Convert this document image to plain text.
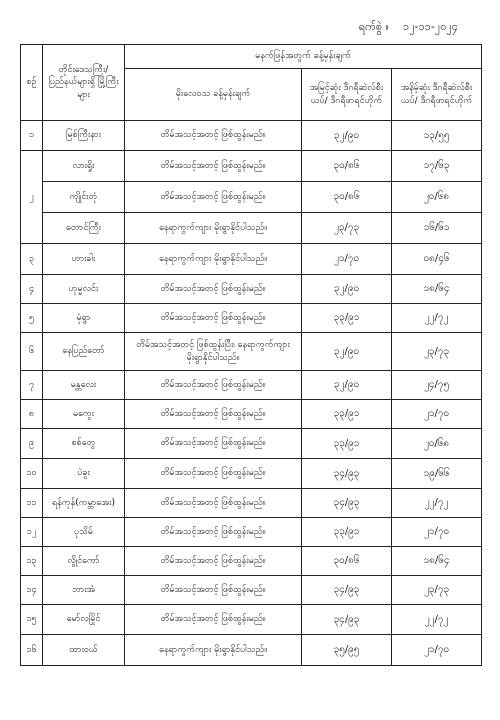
ရက်စွဲ ။ ၁၂-၁၁-၂၀၂၄
စဉ်	တိုင်းဒေသကြီး/ ပြည်နယ်များရှိ မြို့ကြီးများ	မနက်ဖြန်အတွက် ခန့်မှန်းချက်		
		မိုးလေဝသ ခန့်မှန်းချက်	အမြင့်ဆုံး ဒီဂရီဆဲလ်စီးယပ်/ ဒီဂရီဖာရင်ဟိုက်	အနိမ့်ဆုံး ဒီဂရီဆဲလ်စီးယပ်/ ဒီဂရီဖာရင်ဟိုက်
၁	မြစ်ကြီးနား	တိမ်အသင့်အတင့် ဖြစ်ထွန်းမည်။	၃၂/၉၀	၁၃/၅၅
၂	လားရှိုး	တိမ်အသင့်အတင့် ဖြစ်ထွန်းမည်။	၃၀/၈၆	၁၇/၆၃
	ကျိုင်းတုံ	တိမ်အသင့်အတင့် ဖြစ်ထွန်းမည်။	၃၀/၈၆	၂၀/၆၈
	တောင်ကြီး	နေရာကွက်ကျား မိုးရွာနိုင်ပါသည်။	၂၃/၇၃	၁၆/၆၁
၃	ဟားခါး	နေရာကွက်ကျား မိုးရွာနိုင်ပါသည်။	၂၁/၇၀	၀၈/၄၆
၄	ဟုမ္မလင်း	တိမ်အသင့်အတင့် ဖြစ်ထွန်းမည်။	၃၂/၉၀	၁၈/၆၄
၅	မုံရွာ	တိမ်အသင့်အတင့် ဖြစ်ထွန်းမည်။	၃၃/၉၁	၂၂/၇၂
၆	နေပြည်တော်	တိမ်အသင့်အတင့် ဖြစ်ထွန်းပြီး၊ နေရာကွက်ကျား မိုးရွာနိုင်ပါသည်။	၃၂/၉၀	၂၃/၇၃
၇	မန္တလေး	တိမ်အသင့်အတင့် ဖြစ်ထွန်းမည်။	၃၂/၉၀	၂၄/၇၅
၈	မကွေး	တိမ်အသင့်အတင့် ဖြစ်ထွန်းမည်။	၃၃/၉၁	၂၁/၇၀
၉	စစ်တွေ	တိမ်အသင့်အတင့် ဖြစ်ထွန်းမည်။	၃၃/၉၁	၂၀/၆၈
၁၀	ပဲခူး	တိမ်အသင့်အတင့် ဖြစ်ထွန်းမည်။	၃၄/၉၃	၁၉/၆၆
၁၁	ရန်ကုန်(ကမ္ဘာအေး)	တိမ်အသင့်အတင့် ဖြစ်ထွန်းမည်။	၃၄/၉၃	၂၂/၇၂
၁၂	ပုသိမ်	တိမ်အသင့်အတင့် ဖြစ်ထွန်းမည်။	၃၃/၉၁	၂၁/၇၀
၁၃	လွိုင်ကော်	တိမ်အသင့်အတင့် ဖြစ်ထွန်းမည်။	၃၀/၈၆	၁၈/၆၄
၁၄	ဘားအံ	တိမ်အသင့်အတင့် ဖြစ်ထွန်းမည်။	၃၄/၉၃	၂၃/၇၃
၁၅	မော်လမြိုင်	တိမ်အသင့်အတင့် ဖြစ်ထွန်းမည်။	၃၄/၉၃	၂၂/၇၂
၁၆	ထားဝယ်	နေရာကွက်ကျား မိုးရွာနိုင်ပါသည်။	၃၅/၉၅	၂၁/၇၀
